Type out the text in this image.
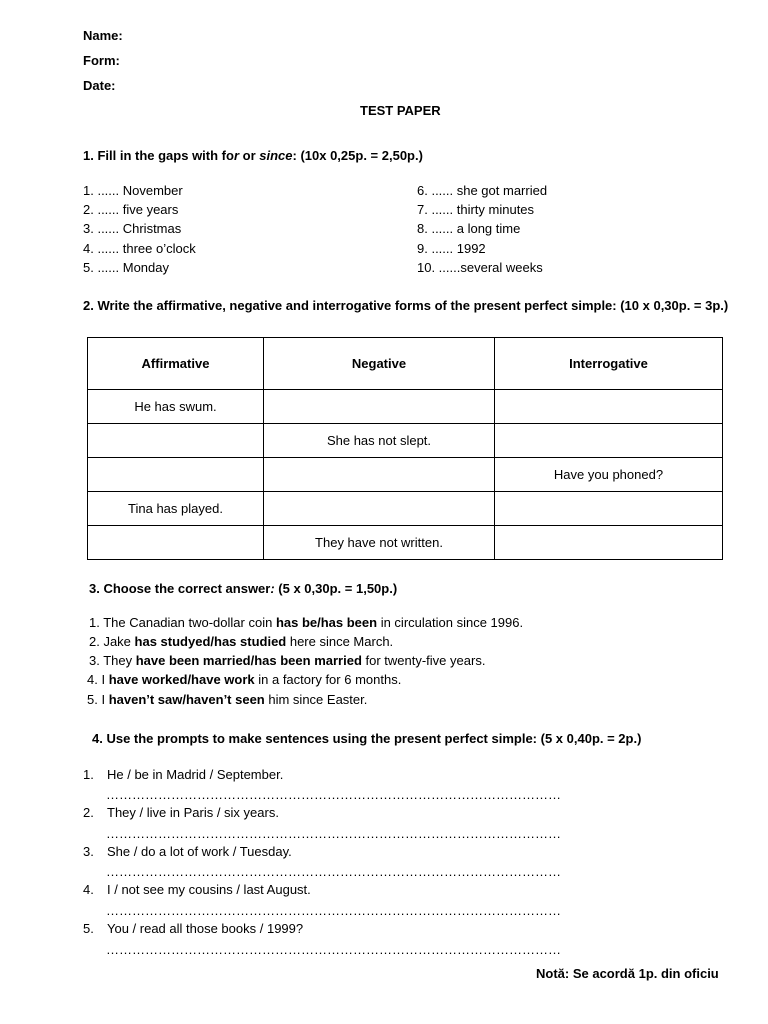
Name:
Form:
Date:
TEST PAPER
1. Fill in the gaps with for or since: (10x 0,25p. = 2,50p.)
1. ...... November
2. ...... five years
3. ...... Christmas
4. ...... three o’clock
5. ...... Monday
6. ...... she got married
7. ...... thirty minutes
8. ...... a long time
9. ...... 1992
10. ......several weeks
2. Write the affirmative, negative and interrogative forms of the present perfect simple: (10 x 0,30p. = 3p.)
Affirmative	Negative	Interrogative
He has swum.		
	She has not slept.	
		Have you phoned?
Tina has played.		
	They have not written.	
3. Choose the correct answer: (5 x 0,30p. = 1,50p.)
1. The Canadian two-dollar coin has be/has been in circulation since 1996.
2. Jake has studyed/has studied here since March.
3. They have been married/has been married for twenty-five years.
4. I have worked/have work in a factory for 6 months.
5. I haven’t saw/haven’t seen him since Easter.
4. Use the prompts to make sentences using the present perfect simple: (5 x 0,40p. = 2p.)
1. He / be in Madrid / September.
……………………………………………………………………………………………
2. They / live in Paris / six years.
……………………………………………………………………………………………
3. She / do a lot of work / Tuesday.
……………………………………………………………………………………………
4. I / not see my cousins / last August.
……………………………………………………………………………………………
5. You / read all those books / 1999?
……………………………………………………………………………………………
Notă: Se acordă 1p. din oficiu
